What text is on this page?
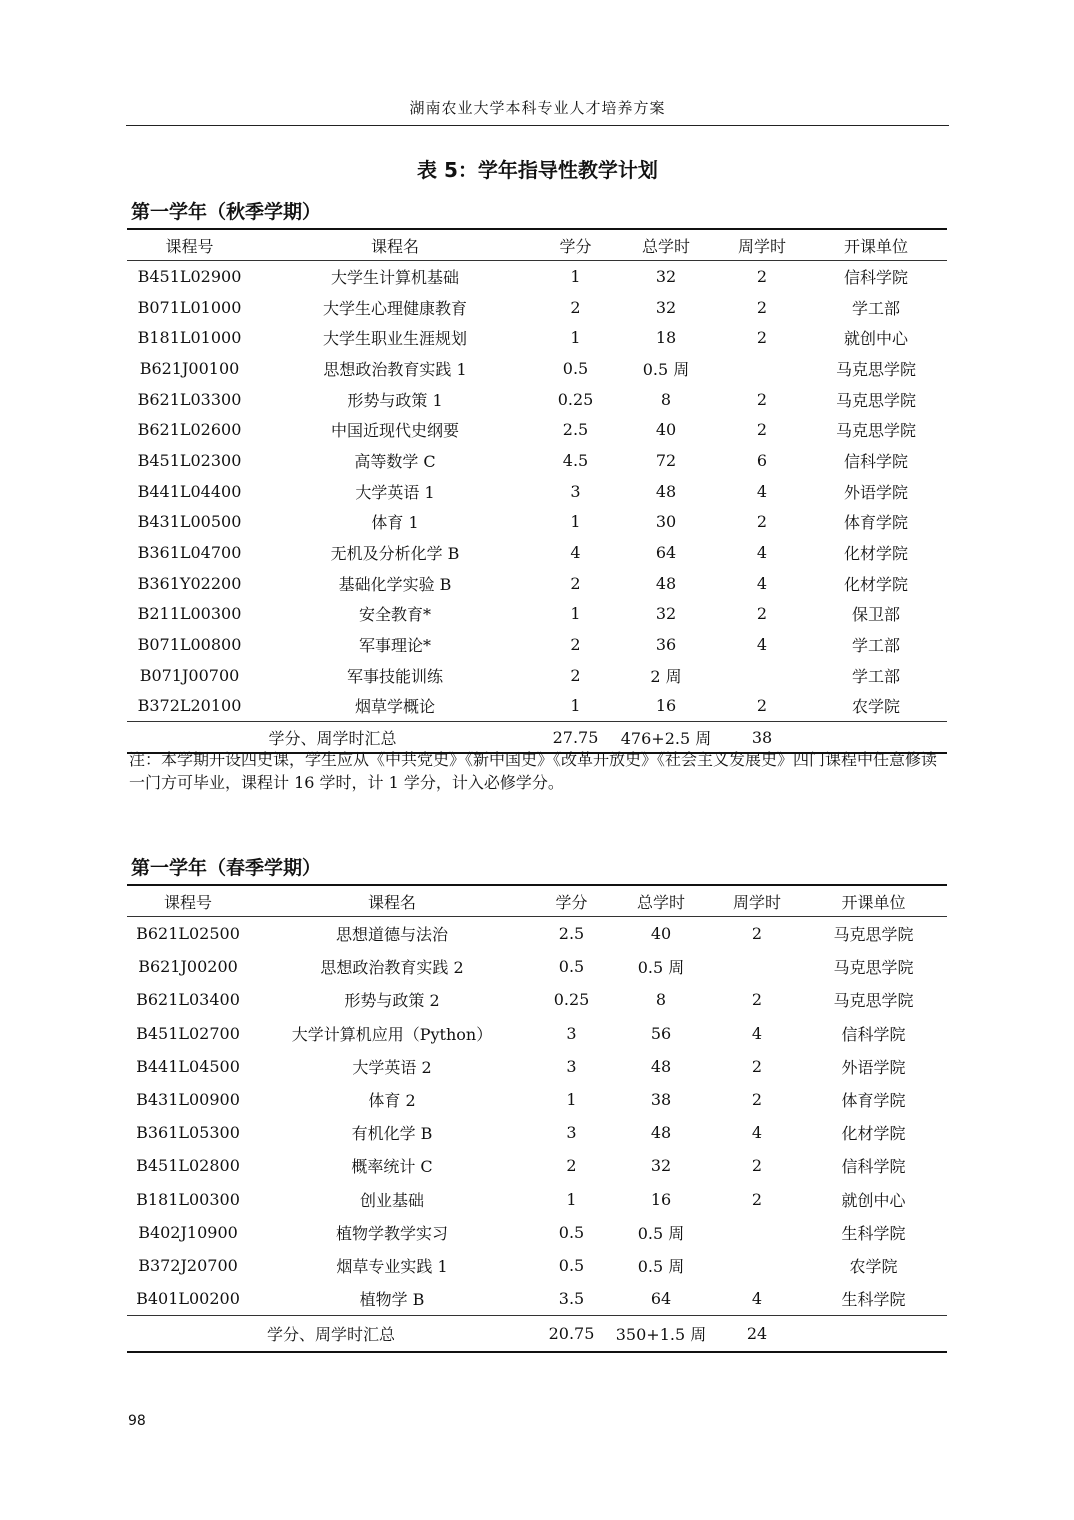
湖南农业大学本科专业人才培养方案
表 5：学年指导性教学计划
第一学年（秋季学期）
课程号	课程名	学分	总学时	周学时	开课单位
B451L02900	大学生计算机基础	1	32	2	信科学院
B071L01000	大学生心理健康教育	2	32	2	学工部
B181L01000	大学生职业生涯规划	1	18	2	就创中心
B621J00100	思想政治教育实践 1	0.5	0.5 周		马克思学院
B621L03300	形势与政策 1	0.25	8	2	马克思学院
B621L02600	中国近现代史纲要	2.5	40	2	马克思学院
B451L02300	高等数学 C	4.5	72	6	信科学院
B441L04400	大学英语 1	3	48	4	外语学院
B431L00500	体育 1	1	30	2	体育学院
B361L04700	无机及分析化学 B	4	64	4	化材学院
B361Y02200	基础化学实验 B	2	48	4	化材学院
B211L00300	安全教育*	1	32	2	保卫部
B071L00800	军事理论*	2	36	4	学工部
B071J00700	军事技能训练	2	2 周		学工部
B372L20100	烟草学概论	1	16	2	农学院
学分、周学时汇总		27.75	476+2.5 周	38	
注：本学期开设四史课，学生应从《中共党史》《新中国史》《改革开放史》《社会主义发展史》四门课程中任意修读一门方可毕业，课程计 16 学时，计 1 学分，计入必修学分。
第一学年（春季学期）
课程号	课程名	学分	总学时	周学时	开课单位
B621L02500	思想道德与法治	2.5	40	2	马克思学院
B621J00200	思想政治教育实践 2	0.5	0.5 周		马克思学院
B621L03400	形势与政策 2	0.25	8	2	马克思学院
B451L02700	大学计算机应用（Python）	3	56	4	信科学院
B441L04500	大学英语 2	3	48	2	外语学院
B431L00900	体育 2	1	38	2	体育学院
B361L05300	有机化学 B	3	48	4	化材学院
B451L02800	概率统计 C	2	32	2	信科学院
B181L00300	创业基础	1	16	2	就创中心
B402J10900	植物学教学实习	0.5	0.5 周		生科学院
B372J20700	烟草专业实践 1	0.5	0.5 周		农学院
B401L00200	植物学 B	3.5	64	4	生科学院
学分、周学时汇总		20.75	350+1.5 周	24	
98
